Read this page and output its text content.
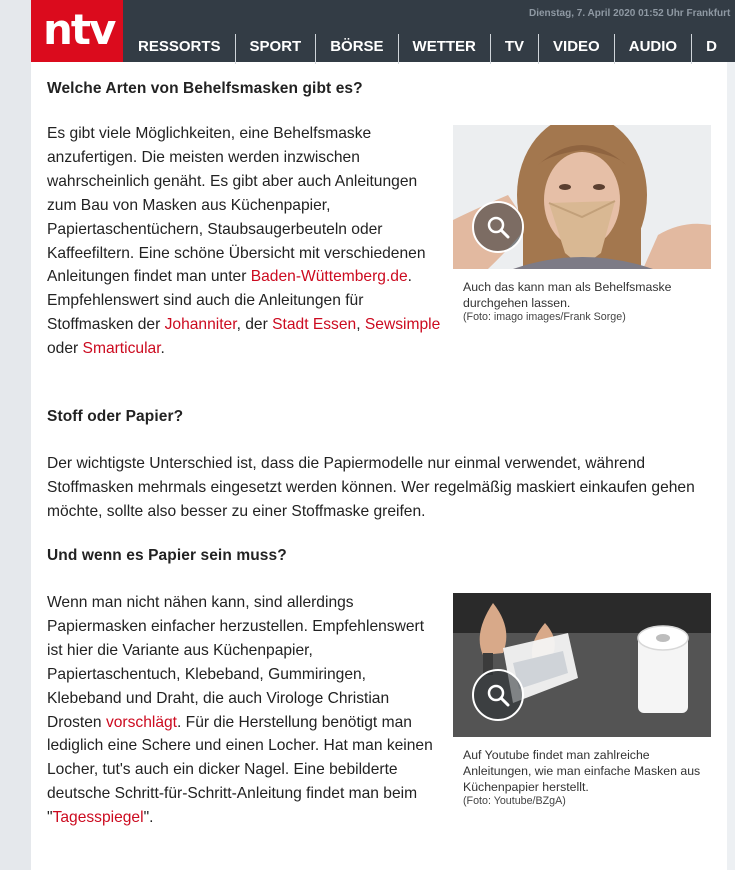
ntv	Dienstag, 7. April 2020 01:52 Uhr Frankfurt
RESSORTS	SPORT	BÖRSE	WETTER	TV	VIDEO	AUDIO	D
Welche Arten von Behelfsmasken gibt es?
Es gibt viele Möglichkeiten, eine Behelfsmaske anzufertigen. Die meisten werden inzwischen wahrscheinlich genäht. Es gibt aber auch Anleitungen zum Bau von Masken aus Küchenpapier, Papiertaschentüchern, Staubsaugerbeuteln oder Kaffeefiltern. Eine schöne Übersicht mit verschiedenen Anleitungen findet man unter Baden-Wüttemberg.de. Empfehlenswert sind auch die Anleitungen für Stoffmasken der Johanniter, der Stadt Essen, Sewsimple oder Smarticular.
Auch das kann man als Behelfsmaske durchgehen lassen.
(Foto: imago images/Frank Sorge)
Stoff oder Papier?
Der wichtigste Unterschied ist, dass die Papiermodelle nur einmal verwendet, während Stoffmasken mehrmals eingesetzt werden können. Wer regelmäßig maskiert einkaufen gehen möchte, sollte also besser zu einer Stoffmaske greifen.
Und wenn es Papier sein muss?
Wenn man nicht nähen kann, sind allerdings Papiermasken einfacher herzustellen. Empfehlenswert ist hier die Variante aus Küchenpapier, Papiertaschentuch, Klebeband, Gummiringen, Klebeband und Draht, die auch Virologe Christian Drosten vorschlägt. Für die Herstellung benötigt man lediglich eine Schere und einen Locher. Hat man keinen Locher, tut's auch ein dicker Nagel. Eine bebilderte deutsche Schritt-für-Schritt-Anleitung findet man beim "Tagesspiegel".
Auf Youtube findet man zahlreiche Anleitungen, wie man einfache Masken aus Küchenpapier herstellt.
(Foto: Youtube/BZgA)
